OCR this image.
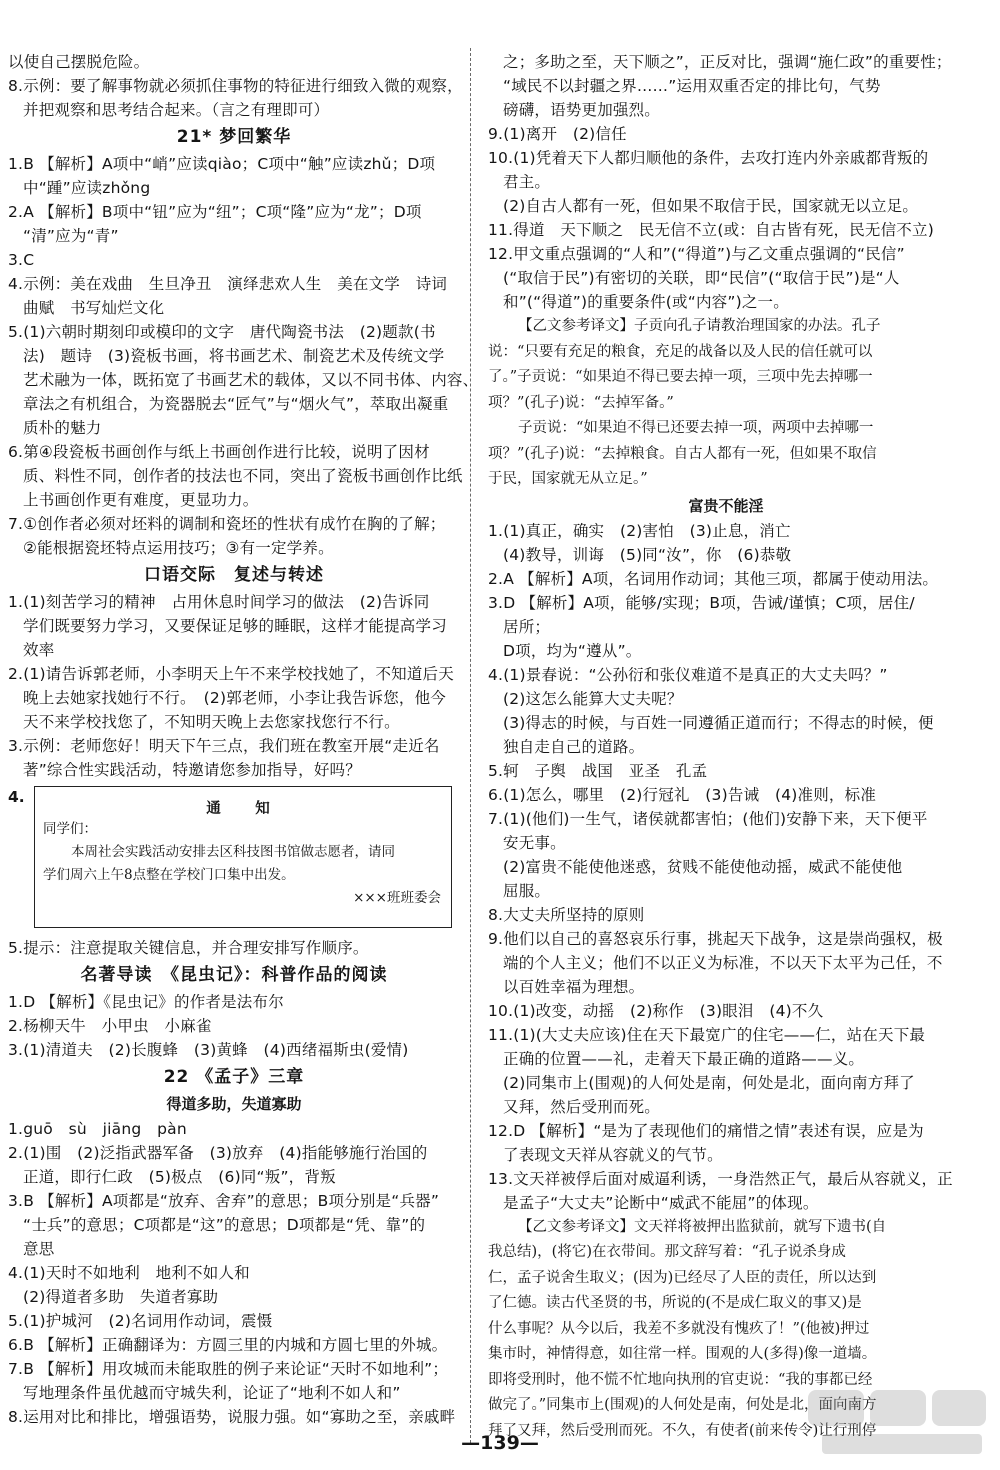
以使自己摆脱危险。
8.示例：要了解事物就必须抓住事物的特征进行细致入微的观察，
并把观察和思考结合起来。（言之有理即可）
21* 梦回繁华
1.B 【解析】A项中“峭”应读qiào；C项中“触”应读zhǔ；D项
中“踵”应读zhǒng
2.A 【解析】B项中“钮”应为“纽”；C项“隆”应为“龙”；D项
“清”应为“青”
3.C
4.示例：美在戏曲　生旦净丑　演绎悲欢人生　美在文学　诗词
曲赋　书写灿烂文化
5.(1)六朝时期刻印或模印的文字　唐代陶瓷书法　(2)题款(书
法)　题诗　(3)瓷板书画，将书画艺术、制瓷艺术及传统文学
艺术融为一体，既拓宽了书画艺术的载体，又以不同书体、内容、
章法之有机组合，为瓷器脱去“匠气”与“烟火气”，萃取出凝重
质朴的魅力
6.第④段瓷板书画创作与纸上书画创作进行比较，说明了因材
质、料性不同，创作者的技法也不同，突出了瓷板书画创作比纸
上书画创作更有难度，更显功力。
7.①创作者必须对坯料的调制和瓷坯的性状有成竹在胸的了解；
②能根据瓷坯特点运用技巧；③有一定学养。
口语交际　复述与转述
1.(1)刻苦学习的精神　占用休息时间学习的做法　(2)告诉同
学们既要努力学习，又要保证足够的睡眠，这样才能提高学习
效率
2.(1)请告诉郭老师，小李明天上午不来学校找她了，不知道后天
晚上去她家找她行不行。　(2)郭老师，小李让我告诉您，他今
天不来学校找您了，不知明天晚上去您家找您行不行。
3.示例：老师您好！明天下午三点，我们班在教室开展“走近名
著”综合性实践活动，特邀请您参加指导，好吗？
4.
通　知
同学们：
本周社会实践活动安排去区科技图书馆做志愿者，请同
学们周六上午8点整在学校门口集中出发。
×××班班委会
5.提示：注意提取关键信息，并合理安排写作顺序。
名著导读　《昆虫记》：科普作品的阅读
1.D 【解析】《昆虫记》的作者是法布尔
2.杨柳天牛　小甲虫　小麻雀
3.(1)清道夫　(2)长腹蜂　(3)黄蜂　(4)西绪福斯虫(爱情)
22 《孟子》三章
得道多助，失道寡助
1.guō　sù　jiāng　pàn
2.(1)围　(2)泛指武器军备　(3)放弃　(4)指能够施行治国的
正道，即行仁政　(5)极点　(6)同“叛”，背叛
3.B 【解析】A项都是“放弃、舍弃”的意思；B项分别是“兵器”
“士兵”的意思；C项都是“这”的意思；D项都是“凭、靠”的
意思
4.(1)天时不如地利　地利不如人和
(2)得道者多助　失道者寡助
5.(1)护城河　(2)名词用作动词，震慑
6.B 【解析】正确翻译为：方圆三里的内城和方圆七里的外城。
7.B 【解析】用攻城而未能取胜的例子来论证“天时不如地利”；
写地理条件虽优越而守城失利，论证了“地利不如人和”
8.运用对比和排比，增强语势，说服力强。如“寡助之至，亲戚畔
之；多助之至，天下顺之”，正反对比，强调“施仁政”的重要性；
“域民不以封疆之界……”运用双重否定的排比句，气势
磅礴，语势更加强烈。
9.(1)离开　(2)信任
10.(1)凭着天下人都归顺他的条件，去攻打连内外亲戚都背叛的
君主。
(2)自古人都有一死，但如果不取信于民，国家就无以立足。
11.得道　天下顺之　民无信不立(或：自古皆有死，民无信不立)
12.甲文重点强调的“人和”(“得道”)与乙文重点强调的“民信”
(“取信于民”)有密切的关联，即“民信”(“取信于民”)是“人
和”(“得道”)的重要条件(或“内容”)之一。
【乙文参考译文】子贡向孔子请教治理国家的办法。孔子
说：“只要有充足的粮食，充足的战备以及人民的信任就可以
了。”子贡说：“如果迫不得已要去掉一项，三项中先去掉哪一
项？”(孔子)说：“去掉军备。”
子贡说：“如果迫不得已还要去掉一项，两项中去掉哪一
项？”(孔子)说：“去掉粮食。自古人都有一死，但如果不取信
于民，国家就无从立足。”
富贵不能淫
1.(1)真正，确实　(2)害怕　(3)止息，消亡
(4)教导，训诲　(5)同“汝”，你　(6)恭敬
2.A 【解析】A项，名词用作动词；其他三项，都属于使动用法。
3.D 【解析】A项，能够/实现；B项，告诫/谨慎；C项，居住/
居所；
D项，均为“遵从”。
4.(1)景春说：“公孙衍和张仪难道不是真正的大丈夫吗？”
(2)这怎么能算大丈夫呢？
(3)得志的时候，与百姓一同遵循正道而行；不得志的时候，便
独自走自己的道路。
5.轲　子舆　战国　亚圣　孔孟
6.(1)怎么，哪里　(2)行冠礼　(3)告诫　(4)准则，标准
7.(1)(他们)一生气，诸侯就都害怕；(他们)安静下来，天下便平
安无事。
(2)富贵不能使他迷惑，贫贱不能使他动摇，威武不能使他
屈服。
8.大丈夫所坚持的原则
9.他们以自己的喜怒哀乐行事，挑起天下战争，这是崇尚强权，极
端的个人主义；他们不以正义为标准，不以天下太平为己任，不
以百姓幸福为理想。
10.(1)改变，动摇　(2)称作　(3)眼泪　(4)不久
11.(1)(大丈夫应该)住在天下最宽广的住宅——仁，站在天下最
正确的位置——礼，走着天下最正确的道路——义。
(2)同集市上(围观)的人何处是南，何处是北，面向南方拜了
又拜，然后受刑而死。
12.D 【解析】“是为了表现他们的痛惜之情”表述有误，应是为
了表现文天祥从容就义的气节。
13.文天祥被俘后面对威逼利诱，一身浩然正气，最后从容就义，正
是孟子“大丈夫”论断中“威武不能屈”的体现。
【乙文参考译文】文天祥将被押出监狱前，就写下遗书(自
我总结)，(将它)在衣带间。那文辞写着：“孔子说杀身成
仁，孟子说舍生取义；(因为)已经尽了人臣的责任，所以达到
了仁德。读古代圣贤的书，所说的(不是成仁取义的事又)是
什么事呢？从今以后，我差不多就没有愧疚了！”(他被)押过
集市时，神情得意，如往常一样。围观的人(多得)像一道墙。
即将受刑时，他不慌不忙地向执刑的官吏说：“我的事都已经
做完了。”同集市上(围观)的人何处是南，何处是北，面向南方
拜了又拜，然后受刑而死。不久，有使者(前来传令)让行刑停
—139—
